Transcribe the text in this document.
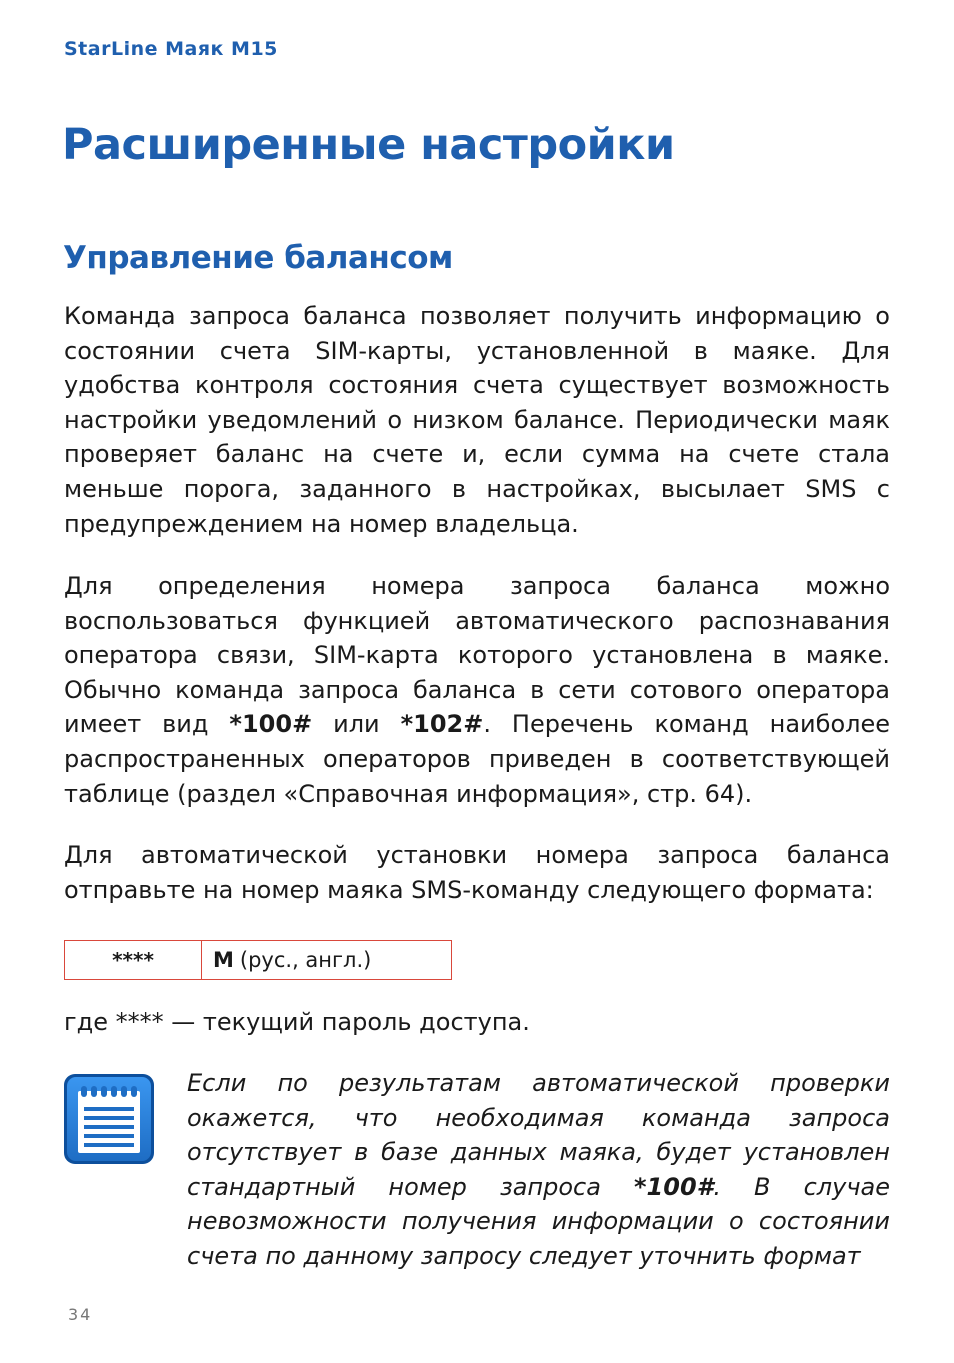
StarLine Маяк M15
Расширенные настройки
Управление балансом

Команда запроса баланса позволяет получить информацию о состоянии счета SIM-карты, установленной в маяке. Для удобства контроля состояния счета существует возможность настройки уведомлений о низком балансе. Периодически маяк проверяет баланс на счете и, если сумма на счете стала меньше порога, заданного в настройках, высылает SMS с предупреждением на номер владельца.

Для определения номера запроса баланса можно воспользоваться функцией автоматического распознавания оператора связи, SIM-карта которого установлена в маяке. Обычно команда запроса баланса в сети сотового оператора имеет вид *100# или *102#. Перечень команд наиболее распространенных операторов приведен в соответствующей таблице (раздел «Справочная информация», стр. 64).

Для автоматической установки номера запроса баланса отправьте на номер маяка SMS-команду следующего формата:

****	M (рус., англ.)

где **** — текущий пароль доступа.

Если по результатам автоматической проверки окажется, что необходимая команда запроса отсутствует в базе данных маяка, будет установлен стандартный номер запроса *100#. В случае невозможности получения информации о состоянии счета по данному запросу следует уточнить формат

34
